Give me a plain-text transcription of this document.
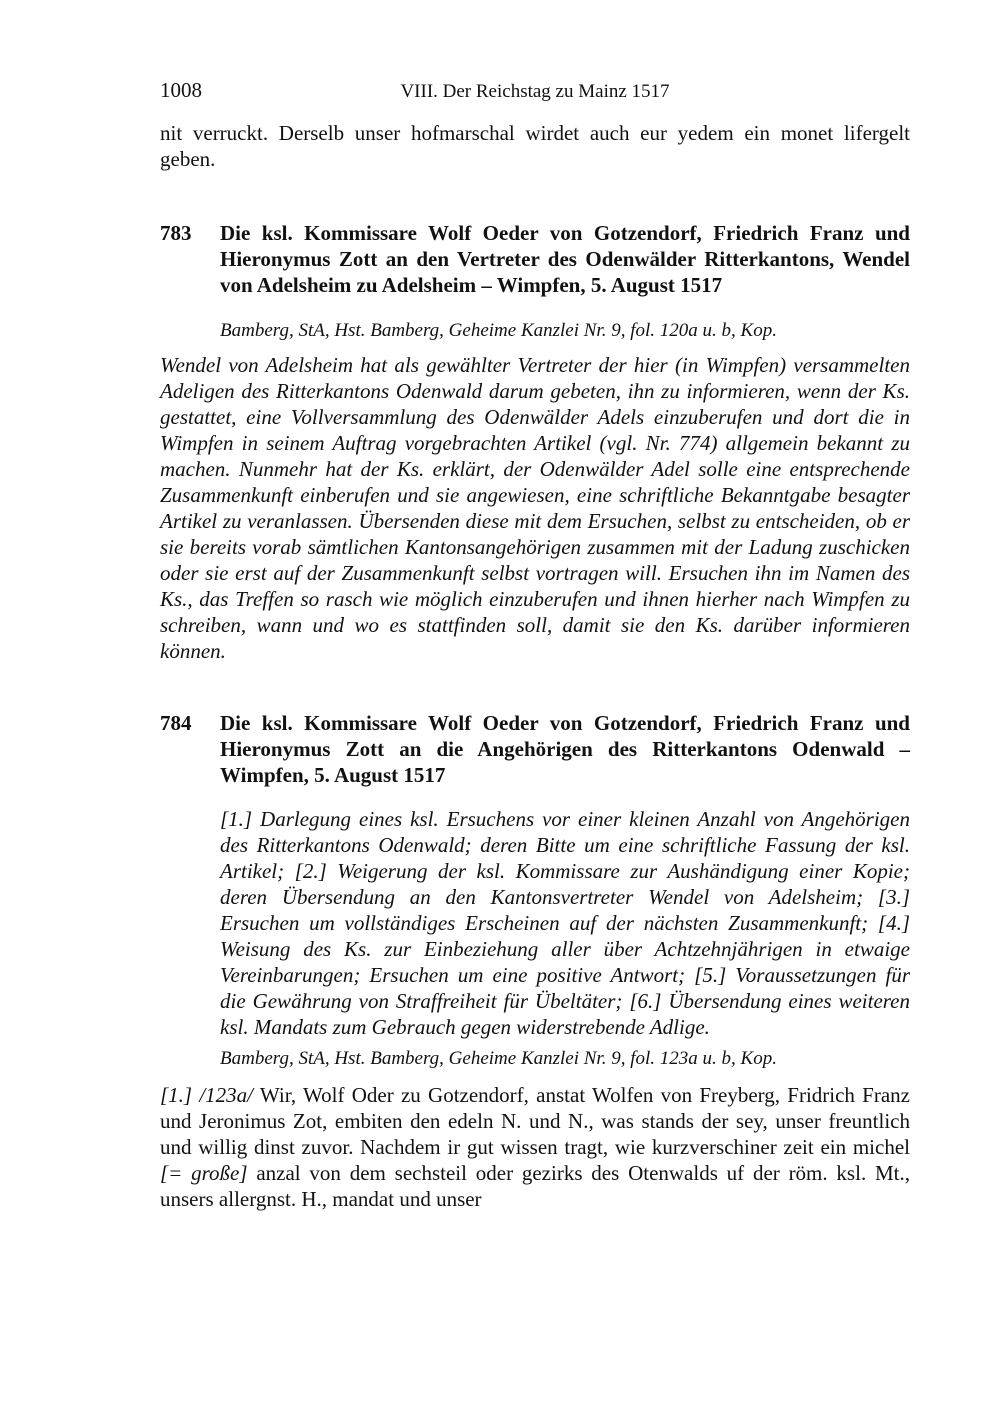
1008	VIII. Der Reichstag zu Mainz 1517

nit verruckt. Derselb unser hofmarschal wirdet auch eur yedem ein monet lifergelt geben.

783	Die ksl. Kommissare Wolf Oeder von Gotzendorf, Friedrich Franz und Hieronymus Zott an den Vertreter des Odenwälder Ritterkantons, Wendel von Adelsheim zu Adelsheim – Wimpfen, 5. August 1517

Bamberg, StA, Hst. Bamberg, Geheime Kanzlei Nr. 9, fol. 120a u. b, Kop.

Wendel von Adelsheim hat als gewählter Vertreter der hier (in Wimpfen) versammelten Adeligen des Ritterkantons Odenwald darum gebeten, ihn zu informieren, wenn der Ks. gestattet, eine Vollversammlung des Odenwälder Adels einzuberufen und dort die in Wimpfen in seinem Auftrag vorgebrachten Artikel (vgl. Nr. 774) allgemein bekannt zu machen. Nunmehr hat der Ks. erklärt, der Odenwälder Adel solle eine entsprechende Zusammenkunft einberufen und sie angewiesen, eine schriftliche Bekanntgabe besagter Artikel zu veranlassen. Übersenden diese mit dem Ersuchen, selbst zu entscheiden, ob er sie bereits vorab sämtlichen Kantonsangehörigen zusammen mit der Ladung zuschicken oder sie erst auf der Zusammenkunft selbst vortragen will. Ersuchen ihn im Namen des Ks., das Treffen so rasch wie möglich einzuberufen und ihnen hierher nach Wimpfen zu schreiben, wann und wo es stattfinden soll, damit sie den Ks. darüber informieren können.

784	Die ksl. Kommissare Wolf Oeder von Gotzendorf, Friedrich Franz und Hieronymus Zott an die Angehörigen des Ritterkantons Odenwald – Wimpfen, 5. August 1517

[1.] Darlegung eines ksl. Ersuchens vor einer kleinen Anzahl von Angehörigen des Ritterkantons Odenwald; deren Bitte um eine schriftliche Fassung der ksl. Artikel; [2.] Weigerung der ksl. Kommissare zur Aushändigung einer Kopie; deren Übersendung an den Kantonsvertreter Wendel von Adelsheim; [3.] Ersuchen um vollständiges Erscheinen auf der nächsten Zusammenkunft; [4.] Weisung des Ks. zur Einbeziehung aller über Achtzehnjährigen in etwaige Vereinbarungen; Ersuchen um eine positive Antwort; [5.] Voraussetzungen für die Gewährung von Straffreiheit für Übeltäter; [6.] Übersendung eines weiteren ksl. Mandats zum Gebrauch gegen widerstrebende Adlige.

Bamberg, StA, Hst. Bamberg, Geheime Kanzlei Nr. 9, fol. 123a u. b, Kop.

[1.] /123a/ Wir, Wolf Oder zu Gotzendorf, anstat Wolfen von Freyberg, Fridrich Franz und Jeronimus Zot, embiten den edeln N. und N., was stands der sey, unser freuntlich und willig dinst zuvor. Nachdem ir gut wissen tragt, wie kurzverschiner zeit ein michel [= große] anzal von dem sechsteil oder gezirks des Otenwalds uf der röm. ksl. Mt., unsers allergnst. H., mandat und unser
